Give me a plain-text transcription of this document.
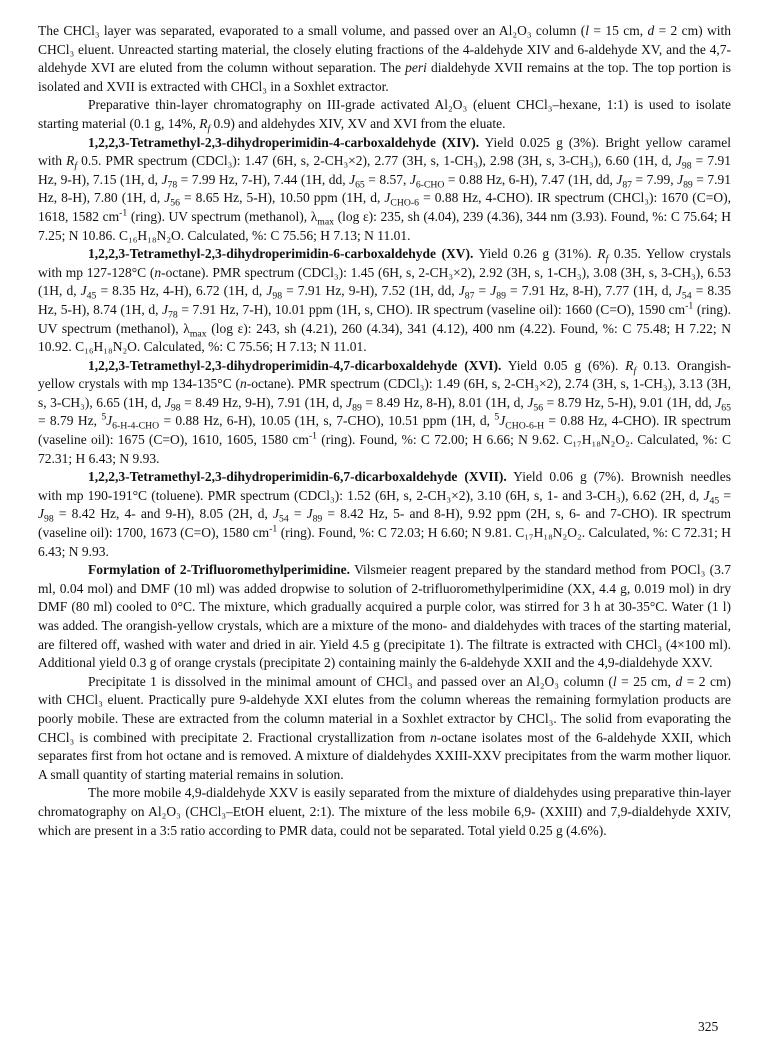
The CHCl₃ layer was separated, evaporated to a small volume, and passed over an Al₂O₃ column (l = 15 cm, d = 2 cm) with CHCl₃ eluent. Unreacted starting material, the closely eluting fractions of the 4-aldehyde XIV and 6-aldehyde XV, and the 4,7-aldehyde XVI are eluted from the column without separation. The peri dialdehyde XVII remains at the top. The top portion is isolated and XVII is extracted with CHCl₃ in a Soxhlet extractor.

Preparative thin-layer chromatography on III-grade activated Al₂O₃ (eluent CHCl₃–hexane, 1:1) is used to isolate starting material (0.1 g, 14%, $R_f$ 0.9) and aldehydes XIV, XV and XVI from the eluate.

1,2,2,3-Tetramethyl-2,3-dihydroperimidin-4-carboxaldehyde (XIV). Yield 0.025 g (3%). Bright yellow caramel with $R_f$ 0.5. PMR spectrum (CDCl₃): 1.47 (6H, s, 2-CH₃×2), 2.77 (3H, s, 1-CH₃), 2.98 (3H, s, 3-CH₃), 6.60 (1H, d, $J_{98} = 7.91$ Hz, 9-H), 7.15 (1H, d, $J_{78} = 7.99$ Hz, 7-H), 7.44 (1H, dd, $J_{65} = 8.57$, $J_{6-CHO} = 0.88$ Hz, 6-H), 7.47 (1H, dd, $J_{87} = 7.99$, $J_{89} = 7.91$ Hz, 8-H), 7.80 (1H, d, $J_{56} = 8.65$ Hz, 5-H), 10.50 ppm (1H, d, $J_{CHO-6} = 0.88$ Hz, 4-CHO). IR spectrum (CHCl₃): 1670 (C=O), 1618, 1582 $cm^{-1}$ (ring). UV spectrum (methanol), $\lambda_{max}$ (log ε): 235, sh (4.04), 239 (4.36), 344 nm (3.93). Found, %: C 75.64; H 7.25; N 10.86. C₁₆H₁₈N₂O. Calculated, %: C 75.56; H 7.13; N 11.01.

1,2,2,3-Tetramethyl-2,3-dihydroperimidin-6-carboxaldehyde (XV). Yield 0.26 g (31%). $R_f$ 0.35. Yellow crystals with mp 127-128°C (n-octane). PMR spectrum (CDCl₃): 1.45 (6H, s, 2-CH₃×2), 2.92 (3H, s, 1-CH₃), 3.08 (3H, s, 3-CH₃), 6.53 (1H, d, $J_{45} = 8.35$ Hz, 4-H), 6.72 (1H, d, $J_{98} = 7.91$ Hz, 9-H), 7.52 (1H, dd, $J_{87} = J_{89} = 7.91$ Hz, 8-H), 7.77 (1H, d, $J_{54} = 8.35$ Hz, 5-H), 8.74 (1H, d, $J_{78} = 7.91$ Hz, 7-H), 10.01 ppm (1H, s, CHO). IR spectrum (vaseline oil): 1660 (C=O), 1590 $cm^{-1}$ (ring). UV spectrum (methanol), $\lambda_{max}$ (log ε): 243, sh (4.21), 260 (4.34), 341 (4.12), 400 nm (4.22). Found, %: C 75.48; H 7.22; N 10.92. C₁₆H₁₈N₂O. Calculated, %: C 75.56; H 7.13; N 11.01.

1,2,2,3-Tetramethyl-2,3-dihydroperimidin-4,7-dicarboxaldehyde (XVI). Yield 0.05 g (6%). $R_f$ 0.13. Orangish-yellow crystals with mp 134-135°C (n-octane). PMR spectrum (CDCl₃): 1.49 (6H, s, 2-CH₃×2), 2.74 (3H, s, 1-CH₃), 3.13 (3H, s, 3-CH₃), 6.65 (1H, d, $J_{98} = 8.49$ Hz, 9-H), 7.91 (1H, d, $J_{89} = 8.49$ Hz, 8-H), 8.01 (1H, d, $J_{56} = 8.79$ Hz, 5-H), 9.01 (1H, dd, $J_{65} = 8.79$ Hz, $^5J_{6-H-4-CHO} = 0.88$ Hz, 6-H), 10.05 (1H, s, 7-CHO), 10.51 ppm (1H, d, $^5J_{CHO-6-H} = 0.88$ Hz, 4-CHO). IR spectrum (vaseline oil): 1675 (C=O), 1610, 1605, 1580 $cm^{-1}$ (ring). Found, %: C 72.00; H 6.66; N 9.62. C₁₇H₁₈N₂O₂. Calculated, %: C 72.31; H 6.43; N 9.93.

1,2,2,3-Tetramethyl-2,3-dihydroperimidin-6,7-dicarboxaldehyde (XVII). Yield 0.06 g (7%). Brownish needles with mp 190-191°C (toluene). PMR spectrum (CDCl₃): 1.52 (6H, s, 2-CH₃×2), 3.10 (6H, s, 1- and 3-CH₃), 6.62 (2H, d, $J_{45} = J_{98} = 8.42$ Hz, 4- and 9-H), 8.05 (2H, d, $J_{54} = J_{89} = 8.42$ Hz, 5- and 8-H), 9.92 ppm (2H, s, 6- and 7-CHO). IR spectrum (vaseline oil): 1700, 1673 (C=O), 1580 $cm^{-1}$ (ring). Found, %: C 72.03; H 6.60; N 9.81. C₁₇H₁₈N₂O₂. Calculated, %: C 72.31; H 6.43; N 9.93.

Formylation of 2-Trifluoromethylperimidine. Vilsmeier reagent prepared by the standard method from POCl₃ (3.7 ml, 0.04 mol) and DMF (10 ml) was added dropwise to solution of 2-trifluoromethylperimidine (XX, 4.4 g, 0.019 mol) in dry DMF (80 ml) cooled to 0°C. The mixture, which gradually acquired a purple color, was stirred for 3 h at 30-35°C. Water (1 l) was added. The orangish-yellow crystals, which are a mixture of the mono- and dialdehydes with traces of the starting material, are filtered off, washed with water and dried in air. Yield 4.5 g (precipitate 1). The filtrate is extracted with CHCl₃ (4×100 ml). Additional yield 0.3 g of orange crystals (precipitate 2) containing mainly the 6-aldehyde XXII and the 4,9-dialdehyde XXV.

Precipitate 1 is dissolved in the minimal amount of CHCl₃ and passed over an Al₂O₃ column (l = 25 cm, d = 2 cm) with CHCl₃ eluent. Practically pure 9-aldehyde XXI elutes from the column whereas the remaining formylation products are poorly mobile. These are extracted from the column material in a Soxhlet extractor by CHCl₃. The solid from evaporating the CHCl₃ is combined with precipitate 2. Fractional crystallization from n-octane isolates most of the 6-aldehyde XXII, which separates first from hot octane and is removed. A mixture of dialdehydes XXIII-XXV precipitates from the warm mother liquor. A small quantity of starting material remains in solution.

The more mobile 4,9-dialdehyde XXV is easily separated from the mixture of dialdehydes using preparative thin-layer chromatography on Al₂O₃ (CHCl₃–EtOH eluent, 2:1). The mixture of the less mobile 6,9- (XXIII) and 7,9-dialdehyde XXIV, which are present in a 3:5 ratio according to PMR data, could not be separated. Total yield 0.25 g (4.6%).

325
